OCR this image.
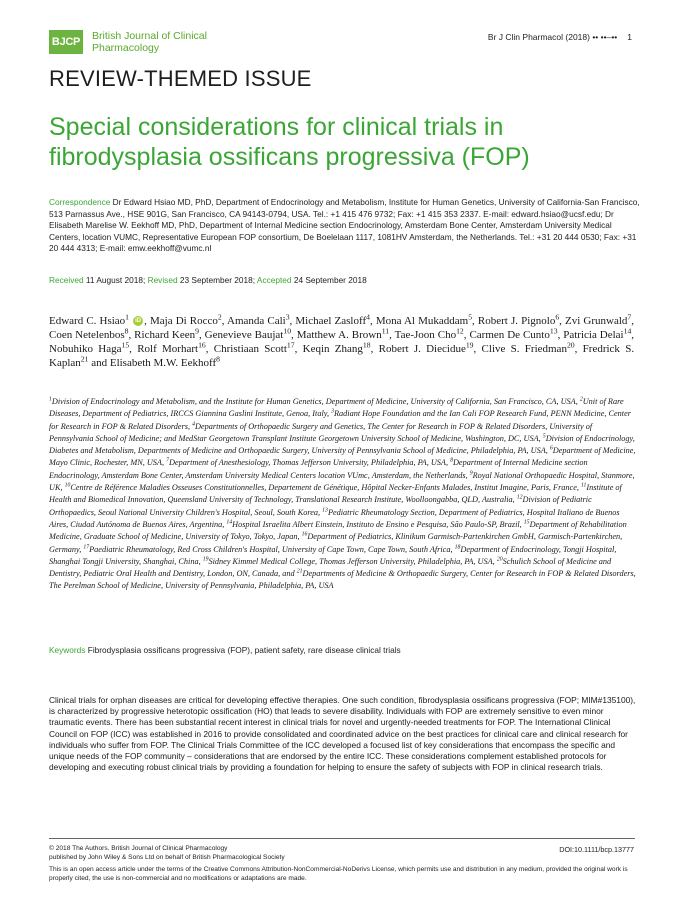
BJCP British Journal of Clinical Pharmacology
Br J Clin Pharmacol (2018) •• ••–•• 1
REVIEW-THEMED ISSUE
Special considerations for clinical trials in fibrodysplasia ossificans progressiva (FOP)
Correspondence Dr Edward Hsiao MD, PhD, Department of Endocrinology and Metabolism, Institute for Human Genetics, University of California-San Francisco, 513 Parnassus Ave., HSE 901G, San Francisco, CA 94143-0794, USA. Tel.: +1 415 476 9732; Fax: +1 415 353 2337. E-mail: edward.hsiao@ucsf.edu; Dr Elisabeth Marelise W. Eekhoff MD, PhD, Department of Internal Medicine section Endocrinology, Amsterdam Bone Center, Amsterdam University Medical Centers, location VUMC, Representative European FOP consortium, De Boelelaan 1117, 1081HV Amsterdam, the Netherlands. Tel.: +31 20 444 0530; Fax: +31 20 444 4313; E-mail: emw.eekhoff@vumc.nl
Received 11 August 2018; Revised 23 September 2018; Accepted 24 September 2018
Edward C. Hsiao$^1$ iD , Maja Di Rocco$^2$, Amanda Cali$^3$, Michael Zasloff$^4$, Mona Al Mukaddam$^5$, Robert J. Pignolo$^6$, Zvi Grunwald$^7$, Coen Netelenbos$^8$, Richard Keen$^9$, Genevieve Baujat$^{10}$, Matthew A. Brown$^{11}$, Tae-Joon Cho$^{12}$, Carmen De Cunto$^{13}$, Patricia Delai$^{14}$, Nobuhiko Haga$^{15}$, Rolf Morhart$^{16}$, Christiaan Scott$^{17}$, Keqin Zhang$^{18}$, Robert J. Diecidue$^{19}$, Clive S. Friedman$^{20}$, Fredrick S. Kaplan$^{21}$ and Elisabeth M.W. Eekhoff$^8$
$^1$Division of Endocrinology and Metabolism, and the Institute for Human Genetics, Department of Medicine, University of California, San Francisco, CA, USA, $^2$Unit of Rare Diseases, Department of Pediatrics, IRCCS Giannina Gaslini Institute, Genoa, Italy, $^3$Radiant Hope Foundation and the Ian Cali FOP Research Fund, PENN Medicine, Center for Research in FOP & Related Disorders, $^4$Departments of Orthopaedic Surgery and Genetics, The Center for Research in FOP & Related Disorders, University of Pennsylvania School of Medicine; and MedStar Georgetown Transplant Institute Georgetown University School of Medicine, Washington, DC, USA, $^5$Division of Endocrinology, Diabetes and Metabolism, Departments of Medicine and Orthopaedic Surgery, University of Pennsylvania School of Medicine, Philadelphia, PA, USA, $^6$Department of Medicine, Mayo Clinic, Rochester, MN, USA, $^7$Department of Anesthesiology, Thomas Jefferson University, Philadelphia, PA, USA, $^8$Department of Internal Medicine section Endocrinology, Amsterdam Bone Center, Amsterdam University Medical Centers location VUmc, Amsterdam, the Netherlands, $^9$Royal National Orthopaedic Hospital, Stanmore, UK, $^{10}$Centre de Référence Maladies Osseuses Constitutionnelles, Departement de Génétique, Hôpital Necker-Enfants Malades, Institut Imagine, Paris, France, $^{11}$Institute of Health and Biomedical Innovation, Queensland University of Technology, Translational Research Institute, Woolloongabba, QLD, Australia, $^{12}$Division of Pediatric Orthopaedics, Seoul National University Children's Hospital, Seoul, South Korea, $^{13}$Pediatric Rheumatology Section, Department of Pediatrics, Hospital Italiano de Buenos Aires, Ciudad Autónoma de Buenos Aires, Argentina, $^{14}$Hospital Israelita Albert Einstein, Instituto de Ensino e Pesquisa, São Paulo-SP, Brazil, $^{15}$Department of Rehabilitation Medicine, Graduate School of Medicine, University of Tokyo, Tokyo, Japan, $^{16}$Department of Pediatrics, Klinikum Garmisch-Partenkirchen GmbH, Garmisch-Partenkirchen, Germany, $^{17}$Paediatric Rheumatology, Red Cross Children's Hospital, University of Cape Town, Cape Town, South Africa, $^{18}$Department of Endocrinology, Tongji Hospital, Shanghai Tongji University, Shanghai, China, $^{19}$Sidney Kimmel Medical College, Thomas Jefferson University, Philadelphia, PA, USA, $^{20}$Schulich School of Medicine and Dentistry, Pediatric Oral Health and Dentistry, London, ON, Canada, and $^{21}$Departments of Medicine & Orthopaedic Surgery, Center for Research in FOP & Related Disorders, The Perelman School of Medicine, University of Pennsylvania, Philadelphia, PA, USA
Keywords Fibrodysplasia ossificans progressiva (FOP), patient safety, rare disease clinical trials
Clinical trials for orphan diseases are critical for developing effective therapies. One such condition, fibrodysplasia ossificans progressiva (FOP; MIM#135100), is characterized by progressive heterotopic ossification (HO) that leads to severe disability. Individuals with FOP are extremely sensitive to even minor traumatic events. There has been substantial recent interest in clinical trials for novel and urgently-needed treatments for FOP. The International Clinical Council on FOP (ICC) was established in 2016 to provide consolidated and coordinated advice on the best practices for clinical care and clinical research for individuals who suffer from FOP. The Clinical Trials Committee of the ICC developed a focused list of key considerations that encompass the specific and unique needs of the FOP community – considerations that are endorsed by the entire ICC. These considerations complement established protocols for developing and executing robust clinical trials by providing a foundation for helping to ensure the safety of subjects with FOP in clinical research trials.
© 2018 The Authors. British Journal of Clinical Pharmacology
published by John Wiley & Sons Ltd on behalf of British Pharmacological Society
DOI:10.1111/bcp.13777
This is an open access article under the terms of the Creative Commons Attribution-NonCommercial-NoDerivs License, which permits use and distribution in any medium, provided the original work is properly cited, the use is non-commercial and no modifications or adaptations are made.
